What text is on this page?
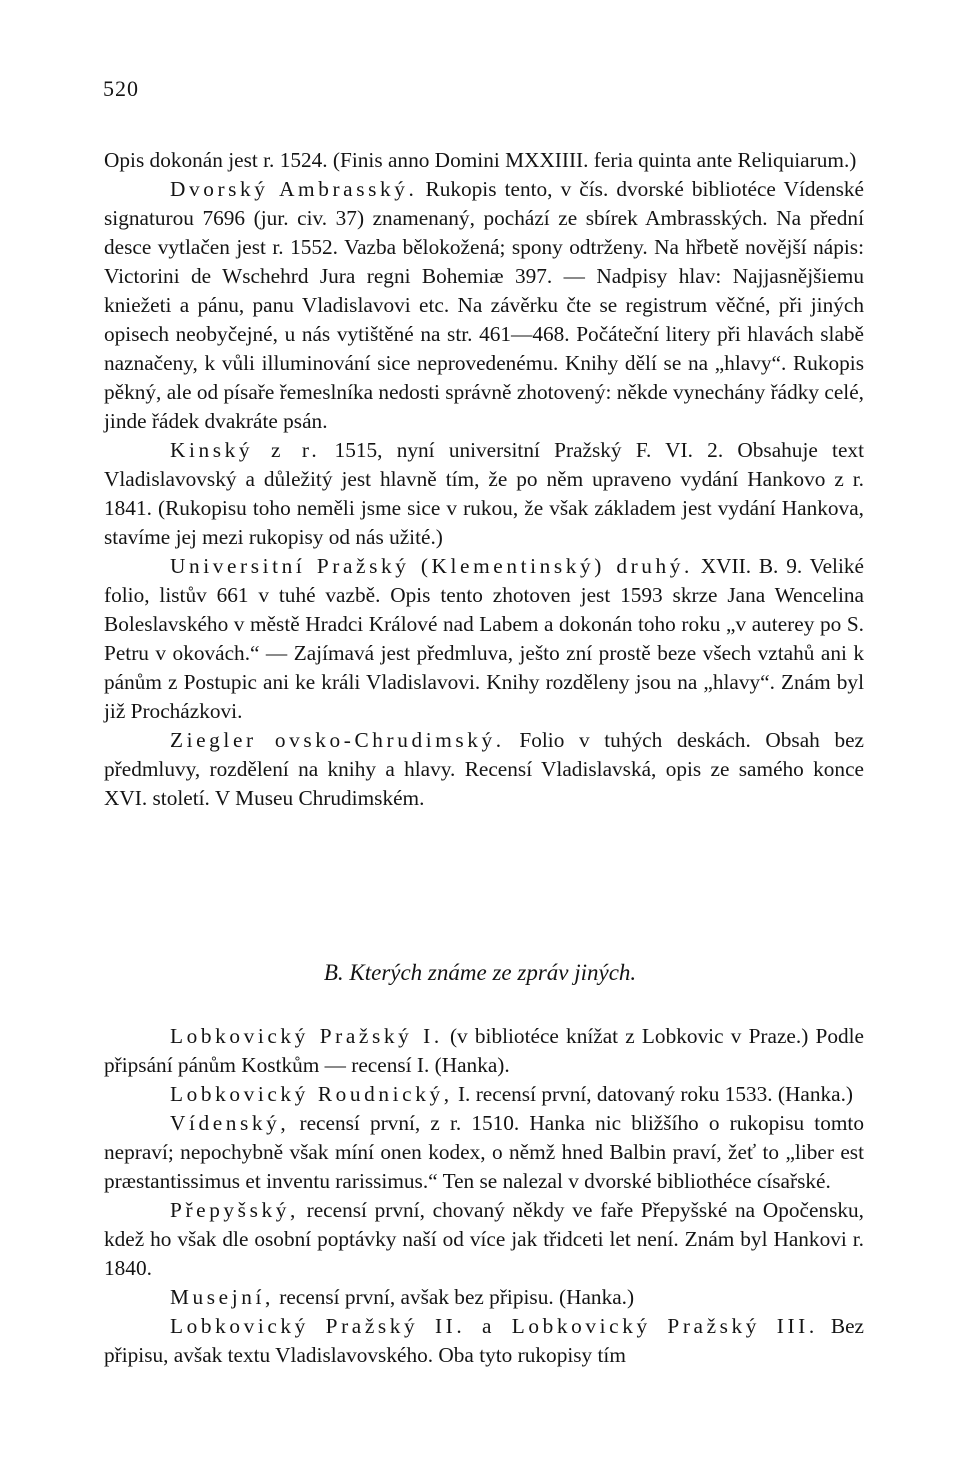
520

Opis dokonán jest r. 1524. (Finis anno Domini MXXIIII. feria quinta ante Reliquiarum.)

Dvorský Ambrasský. Rukopis tento, v čís. dvorské bibliotéce Vídenské signaturou 7696 (jur. civ. 37) znamenaný, pochází ze sbírek Ambrasských. Na přední desce vytlačen jest r. 1552. Vazba bělokožená; spony odtrženy. Na hřbetě novější nápis: Victorini de Wschehrd Jura regni Bohemiæ 397. — Nadpisy hlav: Najjasnějšiemu kniežeti a pánu, panu Vladislavovi etc. Na závěrku čte se registrum věčné, při jiných opisech neobyčejné, u nás vytištěné na str. 461—468. Počáteční litery při hlavách slabě naznačeny, k vůli illuminování sice neprovedenému. Knihy dělí se na „hlavy“. Rukopis pěkný, ale od písaře řemeslníka nedosti správně zhotovený: někde vynechány řádky celé, jinde řádek dvakráte psán.

Kinský z r. 1515, nyní universitní Pražský F. VI. 2. Obsahuje text Vladislavovský a důležitý jest hlavně tím, že po něm upraveno vydání Hankovo z r. 1841. (Rukopisu toho neměli jsme sice v rukou, že však základem jest vydání Hankova, stavíme jej mezi rukopisy od nás užité.)

Universitní Pražský (Klementinský) druhý. XVII. B. 9. Veliké folio, listův 661 v tuhé vazbě. Opis tento zhotoven jest 1593 skrze Jana Wencelina Boleslavského v městě Hradci Králové nad Labem a dokonán toho roku „v auterey po S. Petru v okovách.“ — Zajímavá jest předmluva, ješto zní prostě beze všech vztahů ani k pánům z Postupic ani ke králi Vladislavovi. Knihy rozděleny jsou na „hlavy“. Znám byl již Procházkovi.

Ziegler ovsko-Chrudimský. Folio v tuhých deskách. Obsah bez předmluvy, rozdělení na knihy a hlavy. Recensí Vladislavská, opis ze samého konce XVI. století. V Museu Chrudimském.

B. Kterých známe ze zpráv jiných.

Lobkovický Pražský I. (v bibliotéce knížat z Lobkovic v Praze.) Podle připsání pánům Kostkům — recensí I. (Hanka).

Lobkovický Roudnický, I. recensí první, datovaný roku 1533. (Hanka.)

Vídenský, recensí první, z r. 1510. Hanka nic bližšího o rukopisu tomto nepraví; nepochybně však míní onen kodex, o němž hned Balbin praví, žeť to „liber est præstantissimus et inventu rarissimus.“ Ten se nalezal v dvorské bibliothéce císařské.

Přepyšský, recensí první, chovaný někdy ve faře Přepyšské na Opočensku, kdež ho však dle osobní poptávky naší od více jak třidceti let není. Znám byl Hankovi r. 1840.

Musejní, recensí první, avšak bez připisu. (Hanka.)

Lobkovický Pražský II. a Lobkovický Pražský III. Bez připisu, avšak textu Vladislavovského. Oba tyto rukopisy tím
